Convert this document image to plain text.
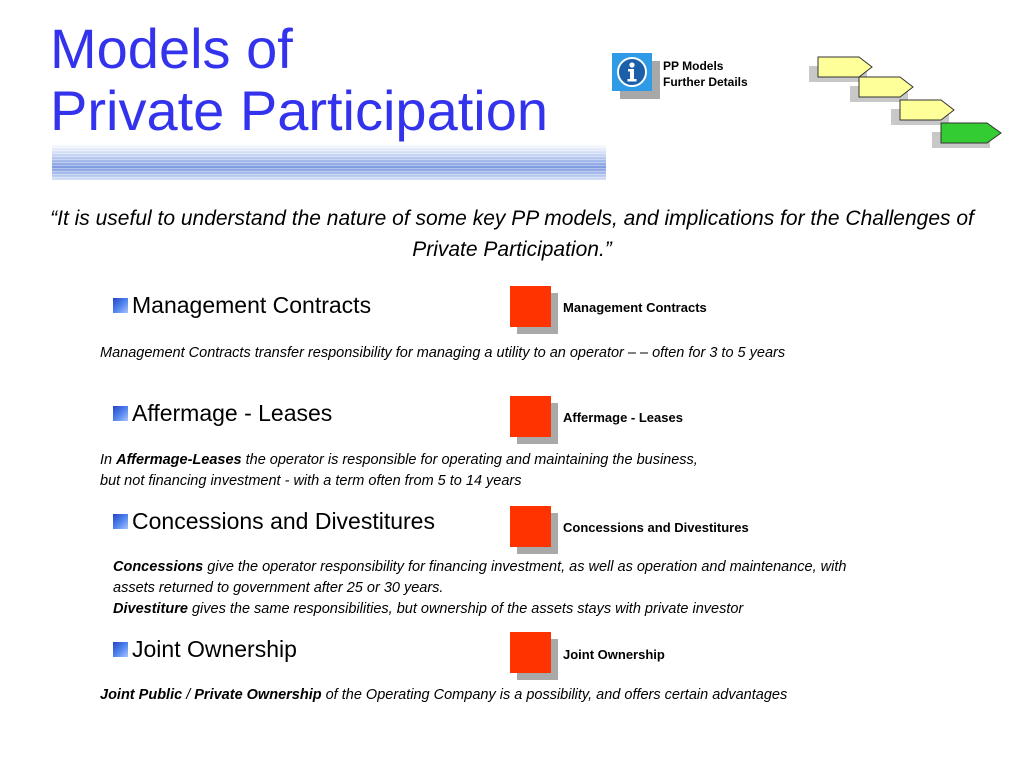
Models of
Private Participation
PP Models
Further Details

“It is useful to understand the nature of some key PP models, and implications for the Challenges of Private Participation.”

Management Contracts	Management Contracts

Management Contracts transfer responsibility for managing a utility to an operator – – often for 3 to 5 years

Affermage - Leases	Affermage - Leases

In Affermage-Leases the operator is responsible for operating and maintaining the business,
but not financing investment - with a term often from 5 to 14 years

Concessions and Divestitures	Concessions and Divestitures

Concessions give the operator responsibility for financing investment, as well as operation and maintenance, with assets returned to government after 25 or 30 years.
Divestiture gives the same responsibilities, but ownership of the assets stays with private investor

Joint Ownership	Joint Ownership

Joint Public / Private Ownership of the Operating Company is a possibility, and offers certain advantages
